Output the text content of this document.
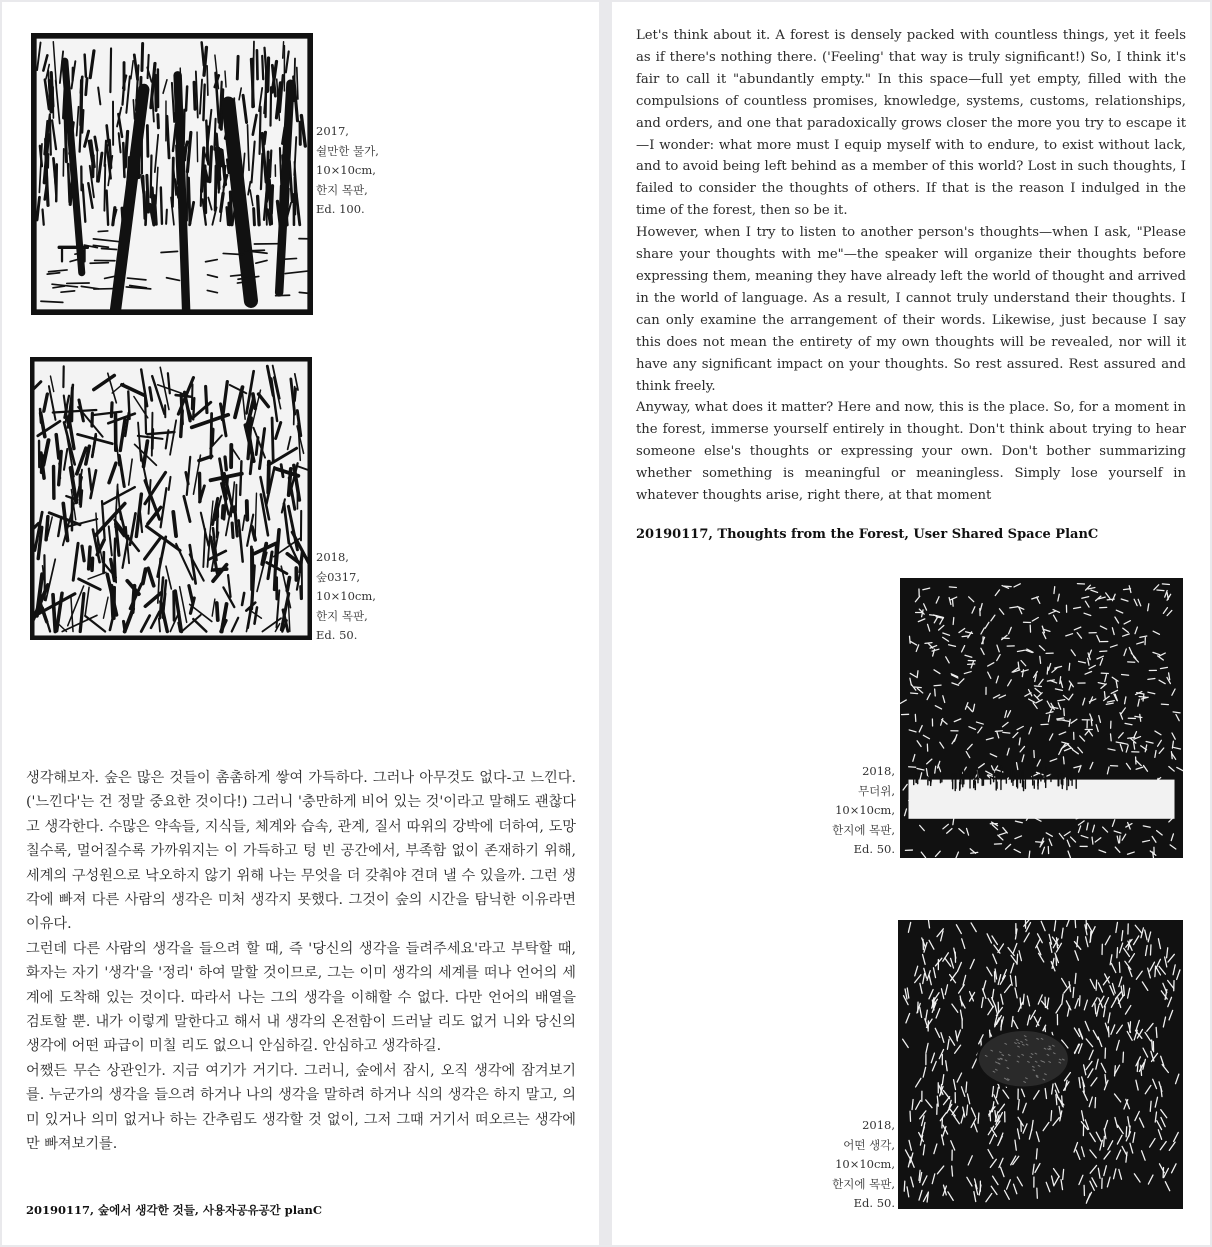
2017,
쉴만한 물가,
10×10cm,
한지 목판,
Ed. 100.
2018,
숲0317,
10×10cm,
한지 목판,
Ed. 50.

생각해보자. 숲은 많은 것들이 촘촘하게 쌓여 가득하다. 그러나 아무것도 없다-고 느낀다.('느낀다'는 건 정말 중요한 것이다!) 그러니 '충만하게 비어 있는 것'이라고 말해도 괜찮다고 생각한다. 수많은 약속들, 지식들, 체계와 습속, 관계, 질서 따위의 강박에 더하여, 도망칠수록, 멀어질수록 가까워지는 이 가득하고 텅 빈 공간에서, 부족함 없이 존재하기 위해, 세계의 구성원으로 낙오하지 않기 위해 나는 무엇을 더 갖춰야 견뎌 낼 수 있을까. 그런 생각에 빠져 다른 사람의 생각은 미처 생각지 못했다. 그것이 숲의 시간을 탐닉한 이유라면 이유다.

그런데 다른 사람의 생각을 들으려 할 때, 즉 '당신의 생각을 들려주세요'라고 부탁할 때, 화자는 자기 '생각'을 '정리' 하여 말할 것이므로, 그는 이미 생각의 세계를 떠나 언어의 세계에 도착해 있는 것이다. 따라서 나는 그의 생각을 이해할 수 없다. 다만 언어의 배열을 검토할 뿐. 내가 이렇게 말한다고 해서 내 생각의 온전함이 드러날 리도 없거 니와 당신의 생각에 어떤 파급이 미칠 리도 없으니 안심하길. 안심하고 생각하길.

어쨌든 무슨 상관인가. 지금 여기가 거기다. 그러니, 숲에서 잠시, 오직 생각에 잠겨보기를. 누군가의 생각을 들으려 하거나 나의 생각을 말하려 하거나 식의 생각은 하지 말고, 의미 있거나 의미 없거나 하는 간추림도 생각할 것 없이, 그저 그때 거기서 떠오르는 생각에만 빠져보기를.

20190117, 숲에서 생각한 것들, 사용자공유공간 planC

Let's think about it. A forest is densely packed with countless things, yet it feels as if there's nothing there. ('Feeling' that way is truly significant!) So, I think it's fair to call it "abundantly empty." In this space—full yet empty, filled with the compulsions of countless promises, knowledge, systems, customs, relationships, and orders, and one that paradoxically grows closer the more you try to escape it—I wonder: what more must I equip myself with to endure, to exist without lack, and to avoid being left behind as a member of this world? Lost in such thoughts, I failed to consider the thoughts of others. If that is the reason I indulged in the time of the forest, then so be it.

However, when I try to listen to another person's thoughts—when I ask, "Please share your thoughts with me"—the speaker will organize their thoughts before expressing them, meaning they have already left the world of thought and arrived in the world of language. As a result, I cannot truly understand their thoughts. I can only examine the arrangement of their words. Likewise, just because I say this does not mean the entirety of my own thoughts will be revealed, nor will it have any significant impact on your thoughts. So rest assured. Rest assured and think freely.

Anyway, what does it matter? Here and now, this is the place. So, for a moment in the forest, immerse yourself entirely in thought. Don't think about trying to hear someone else's thoughts or expressing your own. Don't bother summarizing whether something is meaningful or meaningless. Simply lose yourself in whatever thoughts arise, right there, at that moment

20190117, Thoughts from the Forest, User Shared Space PlanC
2018,
무더위,
10×10cm,
한지에 목판,
Ed. 50.
2018,
어떤 생각,
10×10cm,
한지에 목판,
Ed. 50.
